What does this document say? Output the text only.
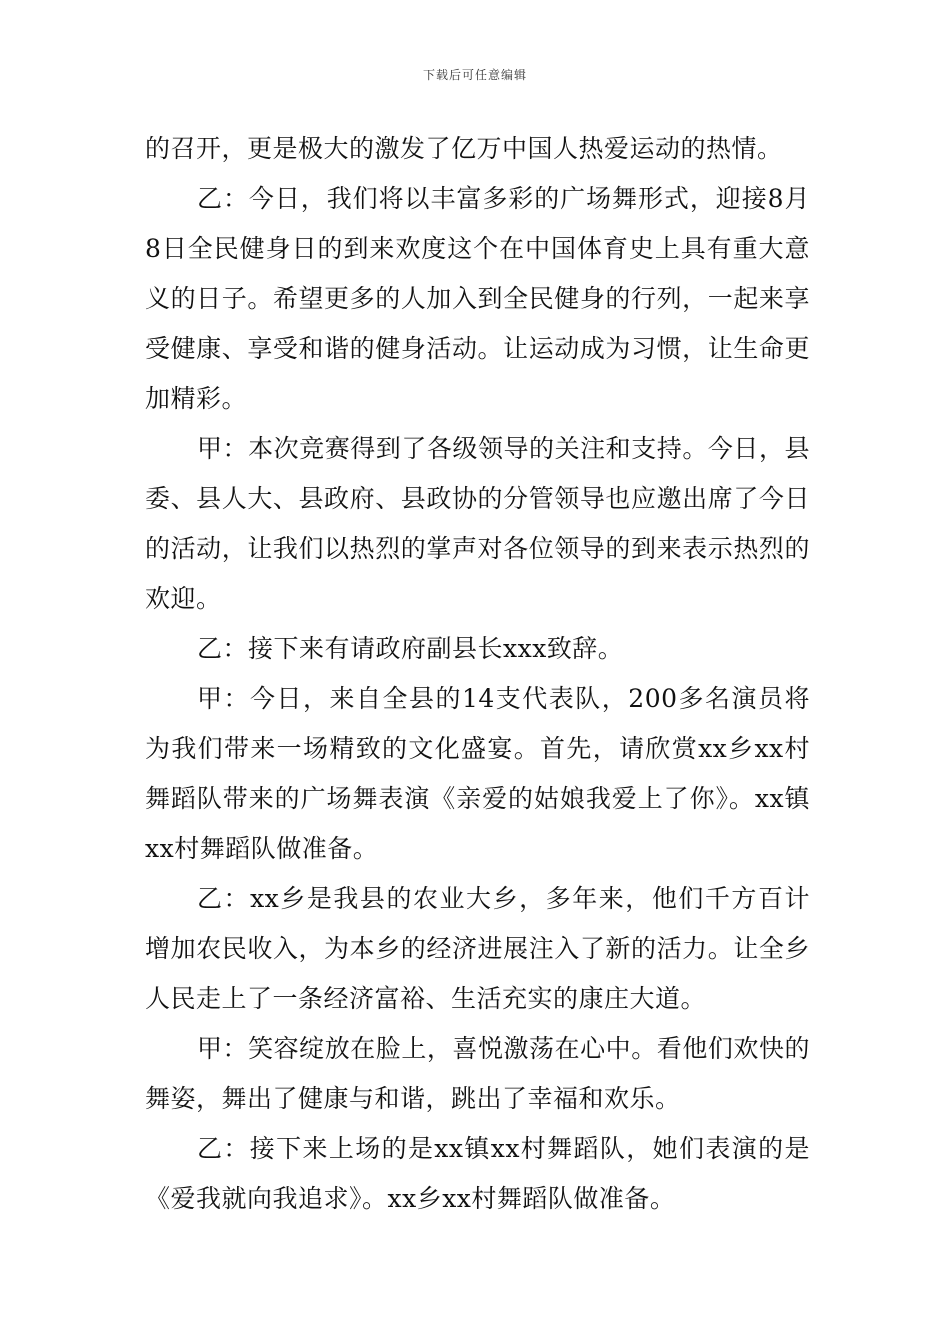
下载后可任意编辑

的召开，更是极大的激发了亿万中国人热爱运动的热情。

乙：今日，我们将以丰富多彩的广场舞形式，迎接8月8日全民健身日的到来欢度这个在中国体育史上具有重大意义的日子。希望更多的人加入到全民健身的行列，一起来享受健康、享受和谐的健身活动。让运动成为习惯，让生命更加精彩。

甲：本次竞赛得到了各级领导的关注和支持。今日，县委、县人大、县政府、县政协的分管领导也应邀出席了今日的活动，让我们以热烈的掌声对各位领导的到来表示热烈的欢迎。

乙：接下来有请政府副县长xxx致辞。

甲：今日，来自全县的14支代表队，200多名演员将为我们带来一场精致的文化盛宴。首先，请欣赏xx乡xx村舞蹈队带来的广场舞表演《亲爱的姑娘我爱上了你》。xx镇xx村舞蹈队做准备。

乙：xx乡是我县的农业大乡，多年来，他们千方百计增加农民收入，为本乡的经济进展注入了新的活力。让全乡人民走上了一条经济富裕、生活充实的康庄大道。

甲：笑容绽放在脸上，喜悦激荡在心中。看他们欢快的舞姿，舞出了健康与和谐，跳出了幸福和欢乐。

乙：接下来上场的是xx镇xx村舞蹈队，她们表演的是《爱我就向我追求》。xx乡xx村舞蹈队做准备。
